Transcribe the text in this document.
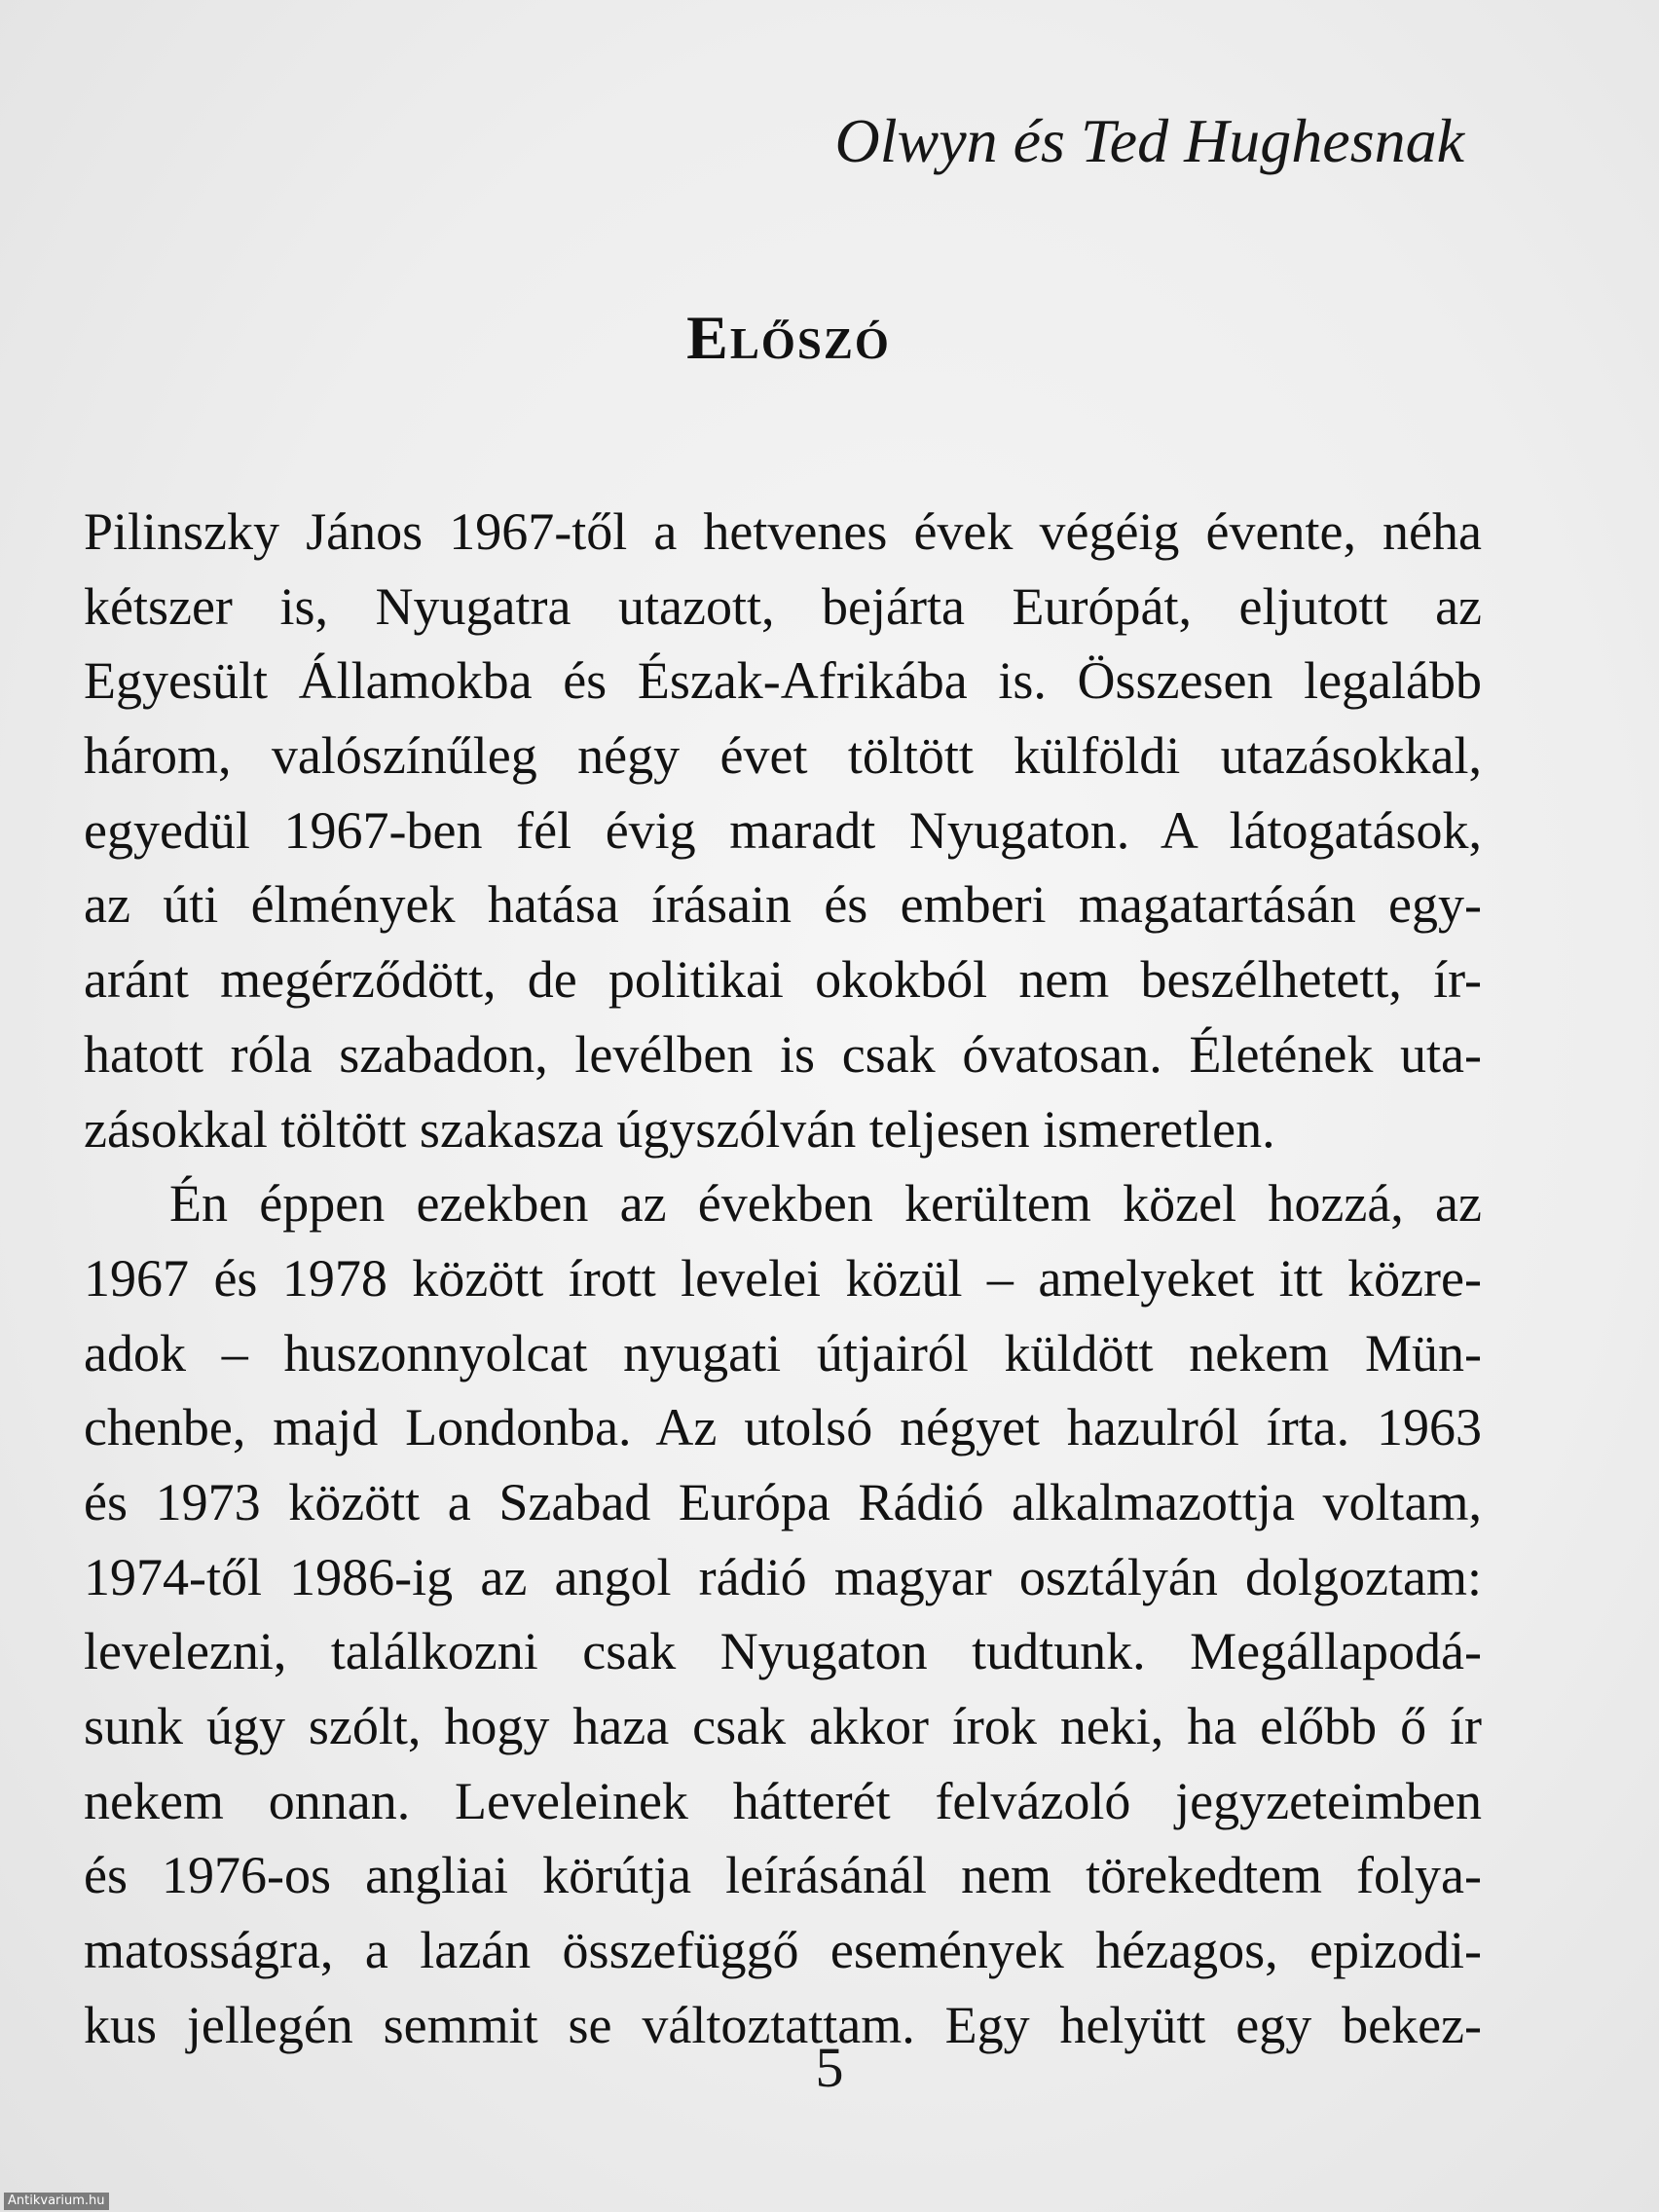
Olwyn és Ted Hughesnak
Előszó
Pilinszky János 1967-től a hetvenes évek végéig évente, néha
kétszer is, Nyugatra utazott, bejárta Európát, eljutott az
Egyesült Államokba és Észak-Afrikába is. Összesen legalább
három, valószínűleg négy évet töltött külföldi utazásokkal,
egyedül 1967-ben fél évig maradt Nyugaton. A látogatások,
az úti élmények hatása írásain és emberi magatartásán egy-
aránt megérződött, de politikai okokból nem beszélhetett, ír-
hatott róla szabadon, levélben is csak óvatosan. Életének uta-
zásokkal töltött szakasza úgyszólván teljesen ismeretlen.
Én éppen ezekben az években kerültem közel hozzá, az
1967 és 1978 között írott levelei közül – amelyeket itt közre-
adok – huszonnyolcat nyugati útjairól küldött nekem Mün-
chenbe, majd Londonba. Az utolsó négyet hazulról írta. 1963
és 1973 között a Szabad Európa Rádió alkalmazottja voltam,
1974-től 1986-ig az angol rádió magyar osztályán dolgoztam:
levelezni, találkozni csak Nyugaton tudtunk. Megállapodá-
sunk úgy szólt, hogy haza csak akkor írok neki, ha előbb ő ír
nekem onnan. Leveleinek hátterét felvázoló jegyzeteimben
és 1976-os angliai körútja leírásánál nem törekedtem folya-
matosságra, a lazán összefüggő események hézagos, epizodi-
kus jellegén semmit se változtattam. Egy helyütt egy bekez-
5
Antikvarium.hu
